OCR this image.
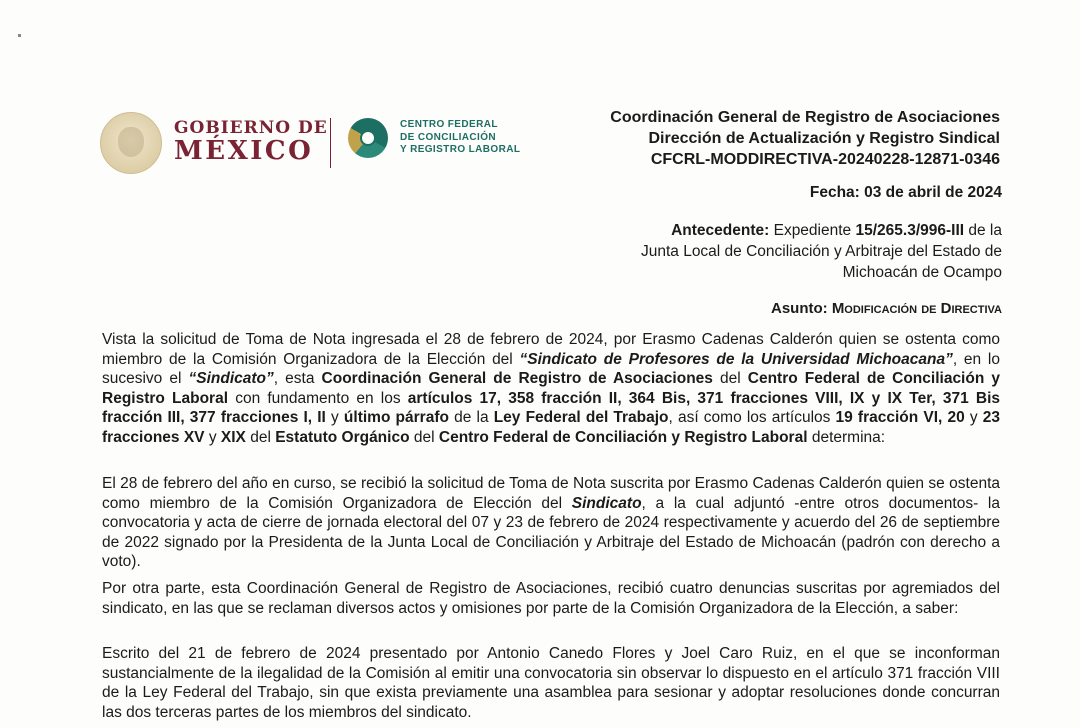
GOBIERNO DE
MÉXICO
CENTRO FEDERAL
DE CONCILIACIÓN
Y REGISTRO LABORAL
Coordinación General de Registro de Asociaciones
Dirección de Actualización y Registro Sindical
CFCRL-MODDIRECTIVA-20240228-12871-0346
Fecha: 03 de abril de 2024
Antecedente: Expediente 15/265.3/996-III de la
Junta Local de Conciliación y Arbitraje del Estado de
Michoacán de Ocampo
Asunto: Modificación de Directiva
Vista la solicitud de Toma de Nota ingresada el 28 de febrero de 2024, por Erasmo Cadenas Calderón quien se ostenta como miembro de la Comisión Organizadora de la Elección del “Sindicato de Profesores de la Universidad Michoacana”, en lo sucesivo el “Sindicato”, esta Coordinación General de Registro de Asociaciones del Centro Federal de Conciliación y Registro Laboral con fundamento en los artículos 17, 358 fracción II, 364 Bis, 371 fracciones VIII, IX y IX Ter, 371 Bis fracción III, 377 fracciones I, II y último párrafo de la Ley Federal del Trabajo, así como los artículos 19 fracción VI, 20 y 23 fracciones XV y XIX del Estatuto Orgánico del Centro Federal de Conciliación y Registro Laboral determina:
El 28 de febrero del año en curso, se recibió la solicitud de Toma de Nota suscrita por Erasmo Cadenas Calderón quien se ostenta como miembro de la Comisión Organizadora de Elección del Sindicato, a la cual adjuntó -entre otros documentos- la convocatoria y acta de cierre de jornada electoral del 07 y 23 de febrero de 2024 respectivamente y acuerdo del 26 de septiembre de 2022 signado por la Presidenta de la Junta Local de Conciliación y Arbitraje del Estado de Michoacán (padrón con derecho a voto).
Por otra parte, esta Coordinación General de Registro de Asociaciones, recibió cuatro denuncias suscritas por agremiados del sindicato, en las que se reclaman diversos actos y omisiones por parte de la Comisión Organizadora de la Elección, a saber:
Escrito del 21 de febrero de 2024 presentado por Antonio Canedo Flores y Joel Caro Ruiz, en el que se inconforman sustancialmente de la ilegalidad de la Comisión al emitir una convocatoria sin observar lo dispuesto en el artículo 371 fracción VIII de la Ley Federal del Trabajo, sin que exista previamente una asamblea para sesionar y adoptar resoluciones donde concurran las dos terceras partes de los miembros del sindicato.
